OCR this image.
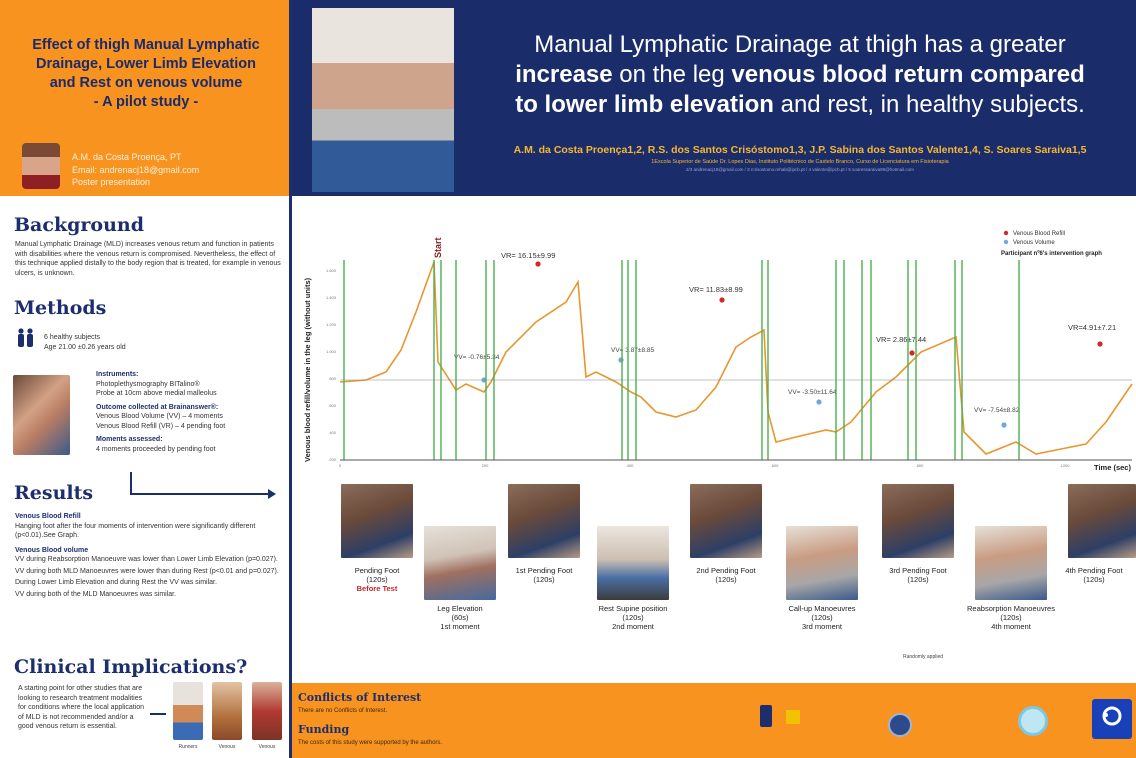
Effect of thigh Manual Lymphatic
Drainage, Lower Limb Elevation
and Rest on venous volume
- A pilot study -
A.M. da Costa Proença, PT
Email: andrenacj18@gmail.com
Poster presentation
Background
Manual Lymphatic Drainage (MLD) increases venous return and function in patients with disabilities where the venous return is compromised. Nevertheless, the effect of this technique applied distally to the body region that is treated, for example in venous ulcers, is unknown.
Methods
6 healthy subjects
Age 21.00 ±0.26 years old
Instruments:
Photoplethysmography BITalino®
Probe at 10cm above medial malleolus
Outcome collected at Brainanswer®:
Venous Blood Volume (VV) – 4 moments
Venous Blood Refill (VR) – 4 pending foot
Moments assessed:
4 moments proceeded by pending foot
Results
Venous Blood Refill
Hanging foot after the four moments of intervention were significantly different (p<0.01).See Graph.
Venous Blood volume
VV during Reabsorption Manoeuvre was lower than Lower Limb Elevation (p=0.027).
VV during both MLD Manoeuvres were lower than during Rest (p<0.01 and p=0.027).
During Lower Limb Elevation and during Rest the VV was similar.
VV during both of the MLD Manoeuvres was similar.
Clinical Implications?
A starting point for other studies that are looking to research treatment modalities for conditions where the local application of MLD is not recommended and/or a good venous return is essential.
Runners	Venous	Venous
Manual Lymphatic Drainage at thigh has a greater
increase on the leg venous blood return compared
to lower limb elevation and rest, in healthy subjects.
A.M. da Costa Proença1,2, R.S. dos Santos Crisóstomo1,3, J.P. Sabina dos Santos Valente1,4, S. Soares Saraiva1,5
1Escola Superior de Saúde Dr. Lopes Dias, Instituto Politécnico de Castelo Branco, Curso de Licenciatura em Fisioterapia
2/3 andrenacj18@gmail.com / 3 rcrisostomo.rehab@ipcb.pt / 4 valente@ipcb.pt / 5 soaressaraiva99@hotmail.com
VR=4.91±7.21
VV= -7.54±8.82
VR= 2.86±7.44
VV= -3.50±11.64
VR= 11.83±8.99
VV= 3.87±8.85
VV= -0.76±5.34
VR= 16.15±9.99
1000
800
600
400
200
0
200
400
600
800
1.000
1.200
1.400
1.600
Venous blood refill/volume in the leg (without units)
Start
Time (sec)
Venous Blood Refill
Venous Volume
Participant nº6's intervention graph
Pending Foot
(120s)
Before Test
Leg Elevation
(60s)
1st moment
1st Pending Foot
(120s)
Rest Supine position
(120s)
2nd moment
2nd Pending Foot
(120s)
Call-up Manoeuvres
(120s)
3rd moment
3rd Pending Foot
(120s)
Reabsorption Manoeuvres
(120s)
4th moment
4th Pending Foot
(120s)
Randomly applied
Conflicts of Interest
There are no Conflicts of Interest.
Funding
The costs of this study were supported by the authors.
